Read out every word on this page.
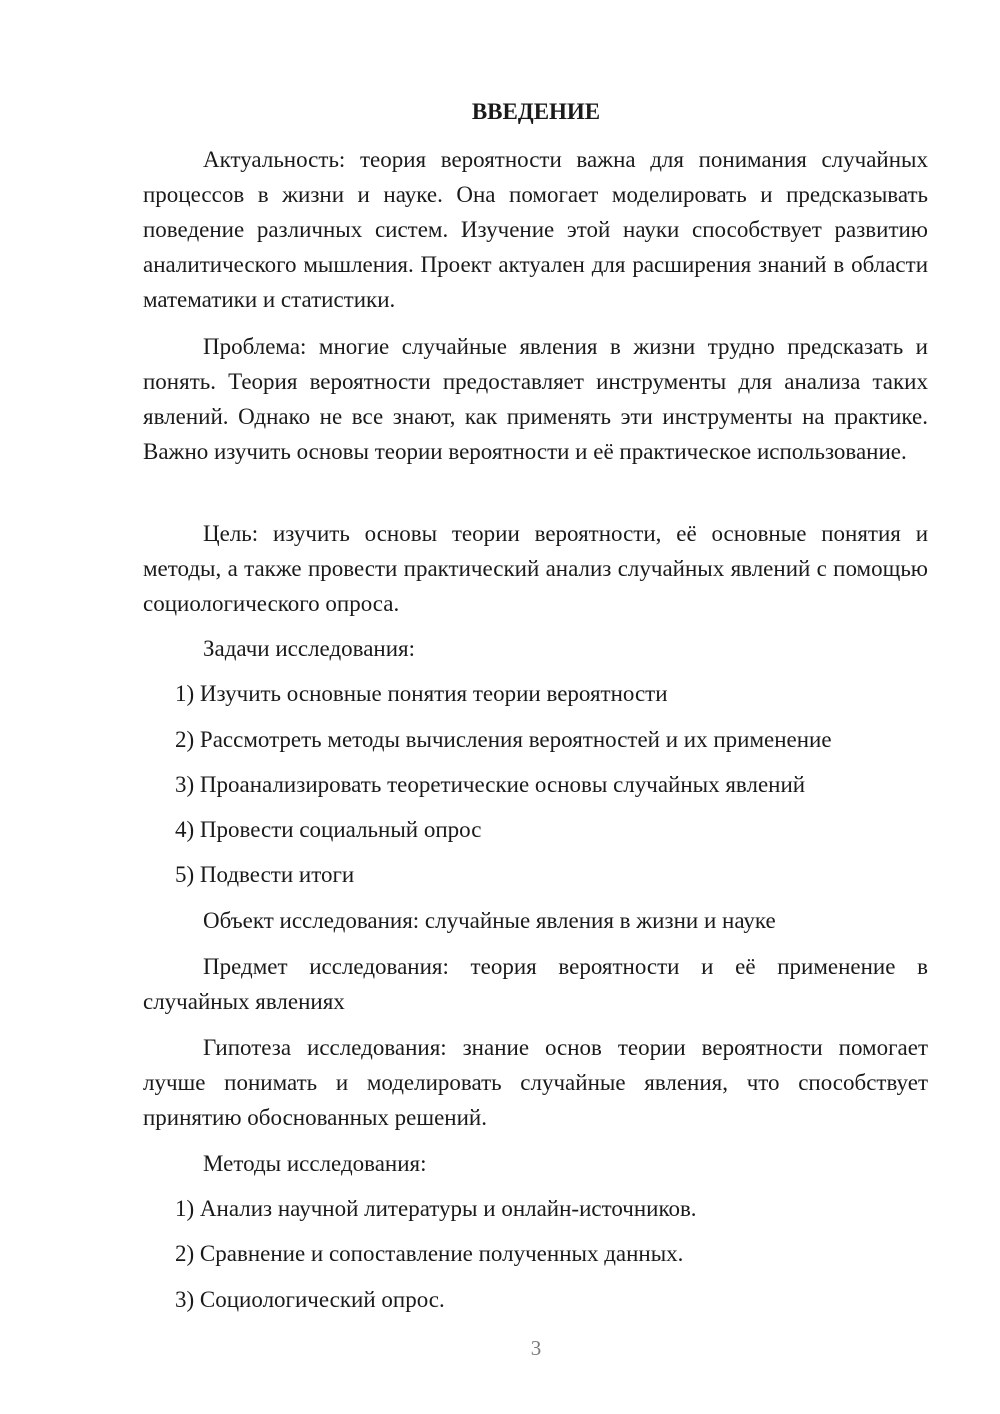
ВВЕДЕНИЕ

Актуальность: теория вероятности важна для понимания случайных процессов в жизни и науке. Она помогает моделировать и предсказывать поведение различных систем. Изучение этой науки способствует развитию аналитического мышления. Проект актуален для расширения знаний в области математики и статистики.

Проблема: многие случайные явления в жизни трудно предсказать и понять. Теория вероятности предоставляет инструменты для анализа таких явлений. Однако не все знают, как применять эти инструменты на практике. Важно изучить основы теории вероятности и её практическое использование.

Цель: изучить основы теории вероятности, её основные понятия и методы, а также провести практический анализ случайных явлений с помощью социологического опроса.

Задачи исследования:

1) Изучить основные понятия теории вероятности

2) Рассмотреть методы вычисления вероятностей и их применение

3) Проанализировать теоретические основы случайных явлений

4) Провести социальный опрос

5) Подвести итоги

Объект исследования: случайные явления в жизни и науке

Предмет исследования: теория вероятности и её применение в случайных явлениях

Гипотеза исследования: знание основ теории вероятности помогает лучше понимать и моделировать случайные явления, что способствует принятию обоснованных решений.

Методы исследования:

1) Анализ научной литературы и онлайн-источников.

2) Сравнение и сопоставление полученных данных.

3) Социологический опрос.

3
